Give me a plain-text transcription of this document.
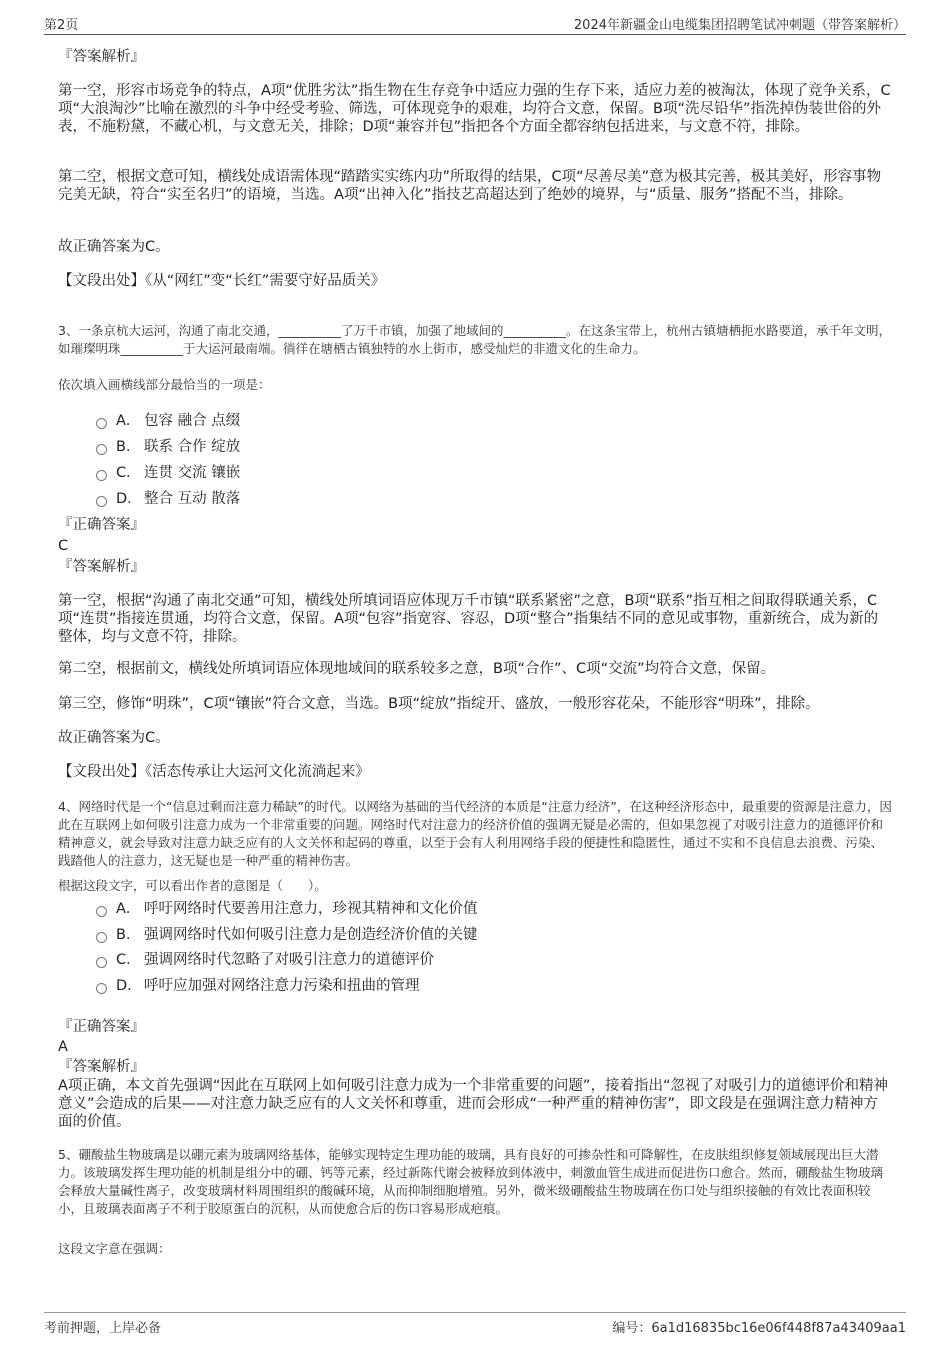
第2页	2024年新疆金山电缆集团招聘笔试冲刺题（带答案解析）
『答案解析』
第一空，形容市场竞争的特点，A项“优胜劣汰”指生物在生存竞争中适应力强的生存下来，适应力差的被淘汰，体现了竞争关系，C项“大浪淘沙”比喻在激烈的斗争中经受考验、筛选，可体现竞争的艰难，均符合文意，保留。B项“洗尽铅华”指洗掉伪装世俗的外表，不施粉黛，不藏心机，与文意无关，排除；D项“兼容并包”指把各个方面全都容纳包括进来，与文意不符，排除。
第二空，根据文意可知，横线处成语需体现“踏踏实实练内功”所取得的结果，C项“尽善尽美”意为极其完善，极其美好，形容事物完美无缺，符合“实至名归”的语境，当选。A项“出神入化”指技艺高超达到了绝妙的境界，与“质量、服务”搭配不当，排除。
故正确答案为C。
【文段出处】《从“网红”变“长红”需要守好品质关》
3、一条京杭大运河，沟通了南北交通，__________了万千市镇，加强了地域间的__________。在这条宝带上，杭州古镇塘栖扼水路要道，承千年文明，如璀璨明珠__________于大运河最南端。徜徉在塘栖古镇独特的水上街市，感受灿烂的非遗文化的生命力。
依次填入画横线部分最恰当的一项是：
A． 包容 融合 点缀
B． 联系 合作 绽放
C． 连贯 交流 镶嵌
D． 整合 互动 散落
『正确答案』
C
『答案解析』
第一空，根据“沟通了南北交通”可知，横线处所填词语应体现万千市镇“联系紧密”之意，B项“联系”指互相之间取得联通关系，C项“连贯”指接连贯通，均符合文意，保留。A项“包容”指宽容、容忍，D项“整合”指集结不同的意见或事物，重新统合，成为新的整体，均与文意不符，排除。
第二空，根据前文，横线处所填词语应体现地域间的联系较多之意，B项“合作”、C项“交流”均符合文意，保留。
第三空，修饰“明珠”，C项“镶嵌”符合文意，当选。B项“绽放”指绽开、盛放，一般形容花朵，不能形容“明珠”，排除。
故正确答案为C。
【文段出处】《活态传承让大运河文化流淌起来》
4、网络时代是一个“信息过剩而注意力稀缺”的时代。以网络为基础的当代经济的本质是“注意力经济”，在这种经济形态中，最重要的资源是注意力，因此在互联网上如何吸引注意力成为一个非常重要的问题。网络时代对注意力的经济价值的强调无疑是必需的，但如果忽视了对吸引注意力的道德评价和精神意义，就会导致对注意力缺乏应有的人文关怀和起码的尊重，以至于会有人利用网络手段的便捷性和隐匿性，通过不实和不良信息去浪费、污染、践踏他人的注意力，这无疑也是一种严重的精神伤害。
根据这段文字，可以看出作者的意图是（　　）。
A． 呼吁网络时代要善用注意力，珍视其精神和文化价值
B． 强调网络时代如何吸引注意力是创造经济价值的关键
C． 强调网络时代忽略了对吸引注意力的道德评价
D． 呼吁应加强对网络注意力污染和扭曲的管理
『正确答案』
A
『答案解析』
A项正确，本文首先强调“因此在互联网上如何吸引注意力成为一个非常重要的问题”，接着指出“忽视了对吸引力的道德评价和精神意义”会造成的后果——对注意力缺乏应有的人文关怀和尊重，进而会形成“一种严重的精神伤害”，即文段是在强调注意力精神方面的价值。
5、硼酸盐生物玻璃是以硼元素为玻璃网络基体，能够实现特定生理功能的玻璃，具有良好的可掺杂性和可降解性，在皮肤组织修复领域展现出巨大潜力。该玻璃发挥生理功能的机制是组分中的硼、钙等元素，经过新陈代谢会被释放到体液中，刺激血管生成进而促进伤口愈合。然而，硼酸盐生物玻璃会释放大量碱性离子，改变玻璃材料周围组织的酸碱环境，从而抑制细胞增殖。另外，微米级硼酸盐生物玻璃在伤口处与组织接触的有效比表面积较小，且玻璃表面离子不利于胶原蛋白的沉积，从而使愈合后的伤口容易形成疤痕。
这段文字意在强调：
考前押题，上岸必备	编号：6a1d16835bc16e06f448f87a43409aa1
